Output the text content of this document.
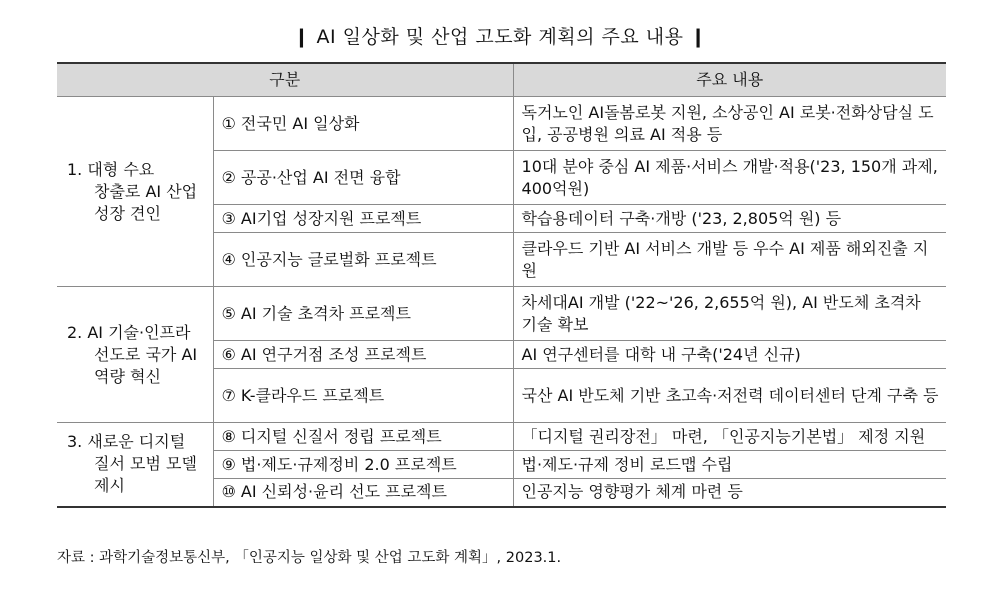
❙ AI 일상화 및 산업 고도화 계획의 주요 내용 ❙
구분		주요 내용

1. 대형 수요
창출로 AI 산업
성장 견인	① 전국민 AI 일상화	독거노인 AI돌봄로봇 지원, 소상공인 AI 로봇·전화상담실 도입, 공공병원 의료 AI 적용 등
	② 공공·산업 AI 전면 융합	10대 분야 중심 AI 제품·서비스 개발·적용('23, 150개 과제, 400억원)
	③ AI기업 성장지원 프로젝트	학습용데이터 구축·개방 ('23, 2,805억 원) 등
	④ 인공지능 글로벌화 프로젝트	클라우드 기반 AI 서비스 개발 등 우수 AI 제품 해외진출 지원

2. AI 기술·인프라
선도로 국가 AI
역량 혁신	⑤ AI 기술 초격차 프로젝트	차세대AI 개발 ('22~'26, 2,655억 원), AI 반도체 초격차 기술 확보
	⑥ AI 연구거점 조성 프로젝트	AI 연구센터를 대학 내 구축('24년 신규)
	⑦ K-클라우드 프로젝트	국산 AI 반도체 기반 초고속·저전력 데이터센터 단계 구축 등

3. 새로운 디지털
질서 모범 모델
제시	⑧ 디지털 신질서 정립 프로젝트	「디지털 권리장전」 마련, 「인공지능기본법」 제정 지원
	⑨ 법·제도·규제정비 2.0 프로젝트	법·제도·규제 정비 로드맵 수립
	⑩ AI 신뢰성·윤리 선도 프로젝트	인공지능 영향평가 체계 마련 등
자료 : 과학기술정보통신부, 「인공지능 일상화 및 산업 고도화 계획」, 2023.1.
